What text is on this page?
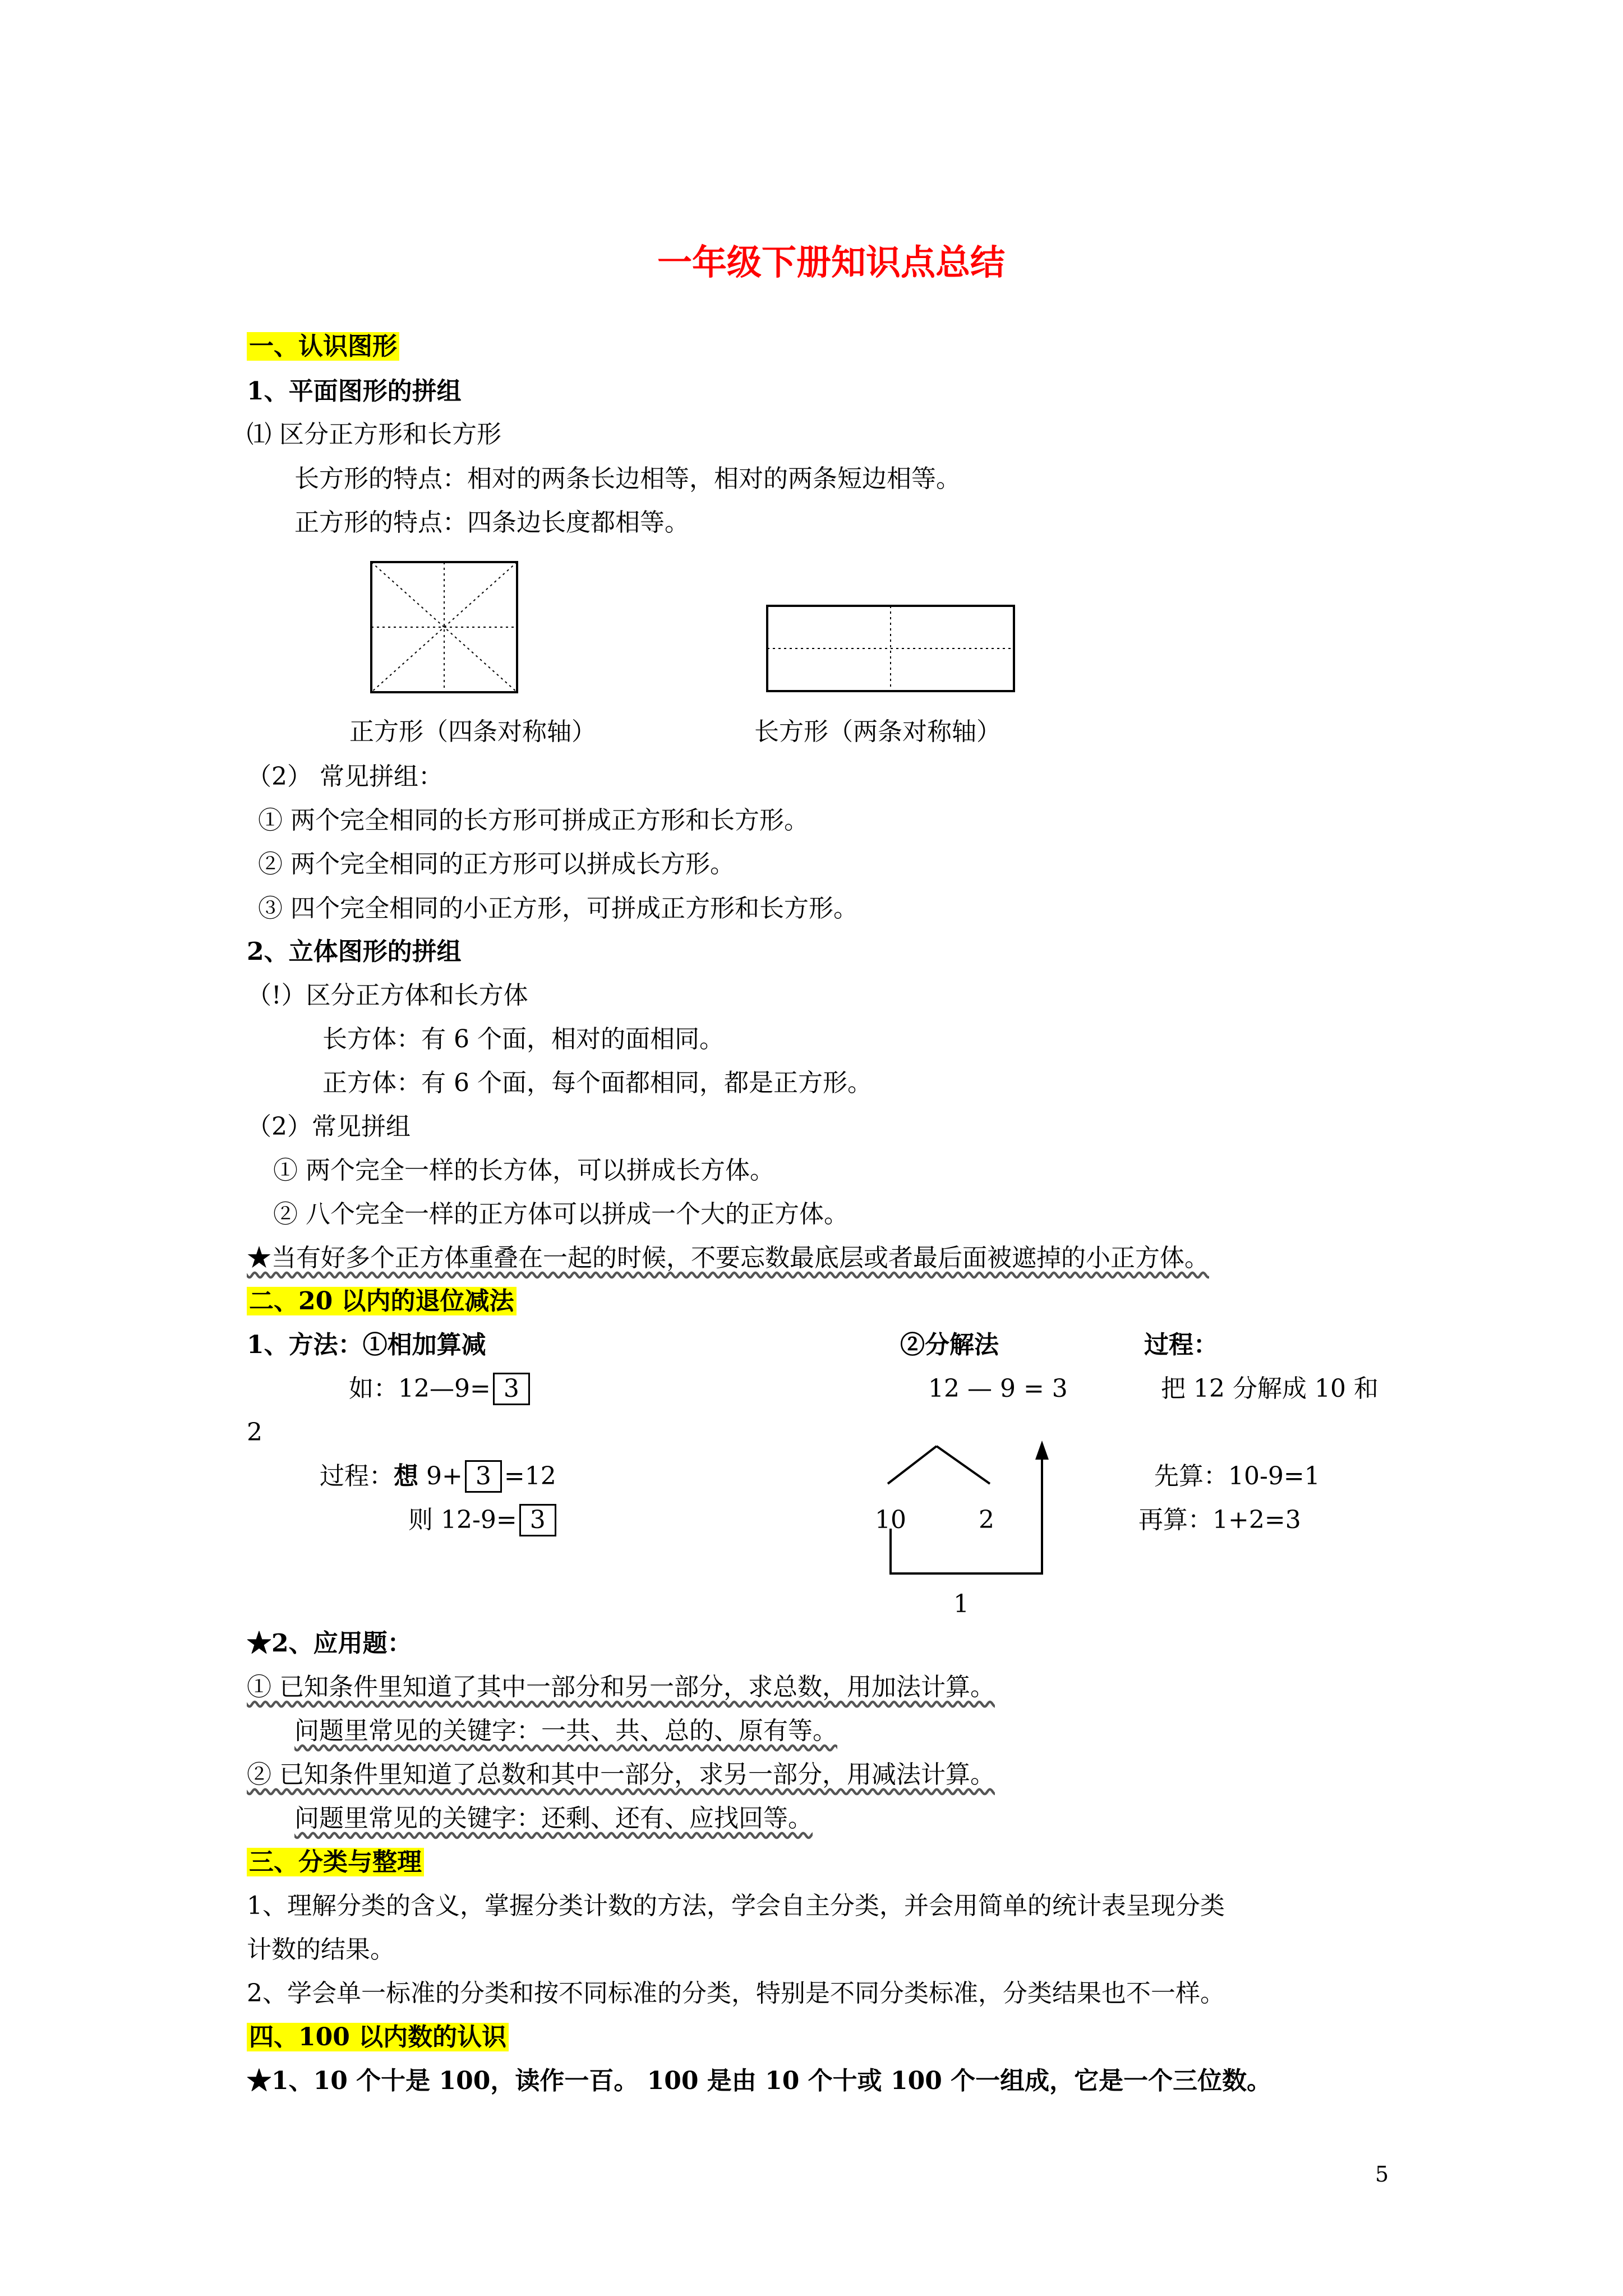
一年级下册知识点总结
一、认识图形
1、平面图形的拼组
⑴ 区分正方形和长方形
长方形的特点：相对的两条长边相等，相对的两条短边相等。
正方形的特点：四条边长度都相等。
正方形（四条对称轴）	长方形（两条对称轴）
（2） 常见拼组：
① 两个完全相同的长方形可拼成正方形和长方形。
② 两个完全相同的正方形可以拼成长方形。
③ 四个完全相同的小正方形，可拼成正方形和长方形。
2、立体图形的拼组
（!）区分正方体和长方体
长方体：有 6 个面，相对的面相同。
正方体：有 6 个面，每个面都相同，都是正方形。
（2）常见拼组
① 两个完全一样的长方体，可以拼成长方体。
② 八个完全一样的正方体可以拼成一个大的正方体。
★当有好多个正方体重叠在一起的时候，不要忘数最底层或者最后面被遮掉的小正方体。
二、20 以内的退位减法
1、方法：①相加算减	②分解法	过程：
如：12—9= 3	12 — 9 = 3	把 12 分解成 10 和
2
过程：想 9+ 3 =12
则 12-9= 3	10	2
1
先算：10-9=1
再算：1+2=3
★2、应用题：
① 已知条件里知道了其中一部分和另一部分，求总数，用加法计算。
问题里常见的关键字：一共、共、总的、原有等。
② 已知条件里知道了总数和其中一部分，求另一部分，用减法计算。
问题里常见的关键字：还剩、还有、应找回等。
三、分类与整理
1、理解分类的含义，掌握分类计数的方法，学会自主分类，并会用简单的统计表呈现分类
计数的结果。
2、学会单一标准的分类和按不同标准的分类，特别是不同分类标准，分类结果也不一样。
四、100 以内数的认识
★1、10 个十是 100，读作一百。 100 是由 10 个十或 100 个一组成，它是一个三位数。
5
